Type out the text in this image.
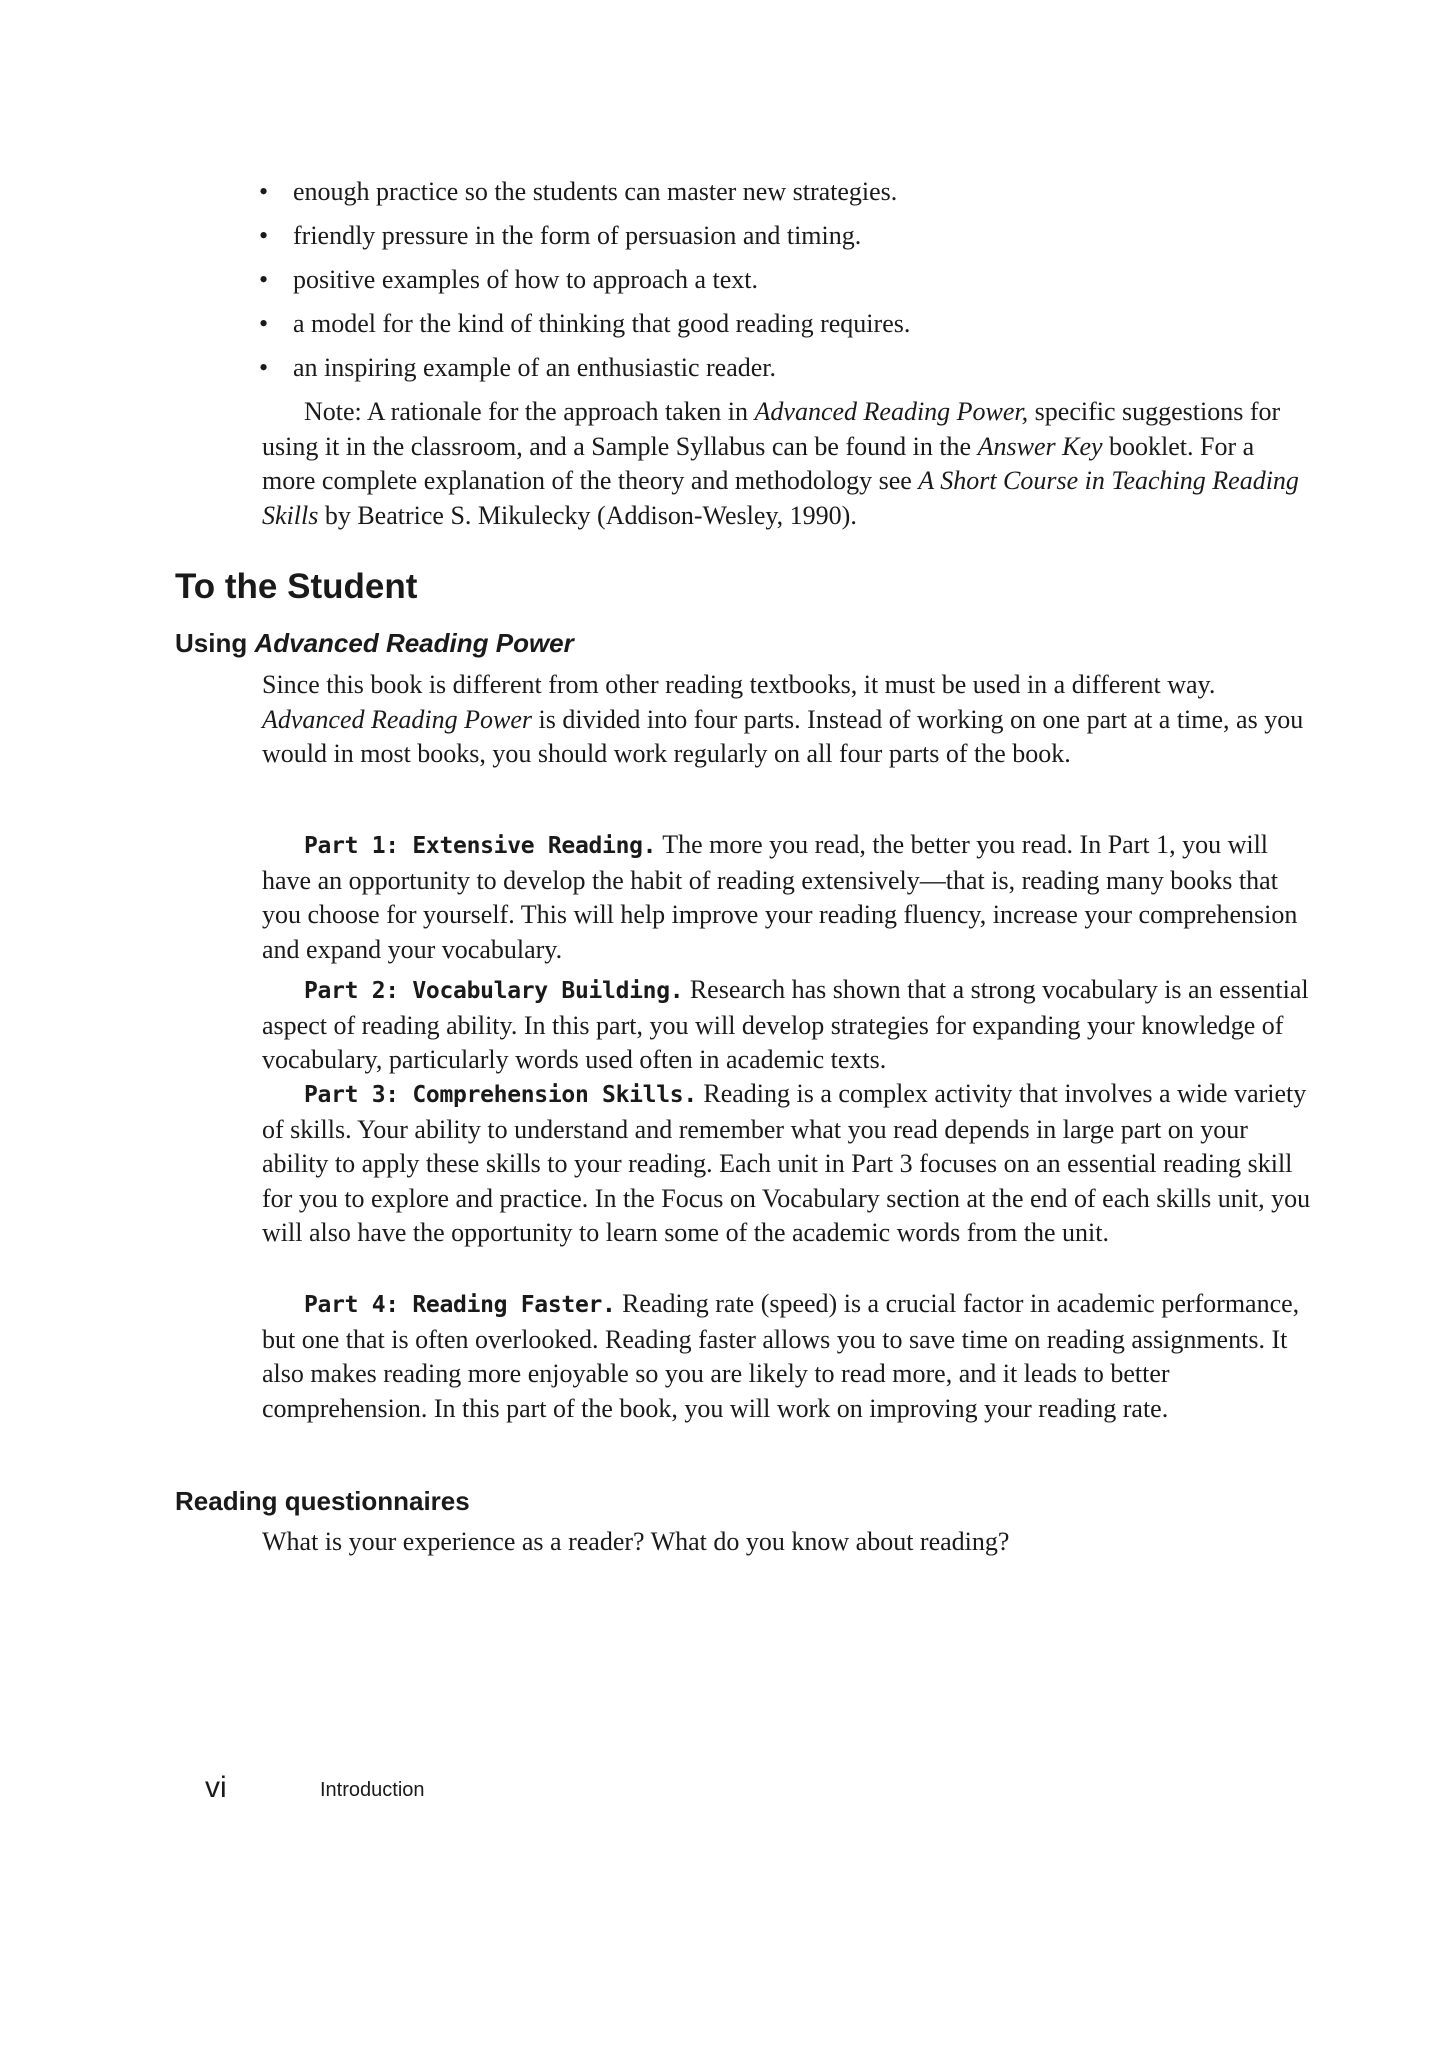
• enough practice so the students can master new strategies.
• friendly pressure in the form of persuasion and timing.
• positive examples of how to approach a text.
• a model for the kind of thinking that good reading requires.
• an inspiring example of an enthusiastic reader.

Note: A rationale for the approach taken in Advanced Reading Power, specific suggestions for using it in the classroom, and a Sample Syllabus can be found in the Answer Key booklet. For a more complete explanation of the theory and methodology see A Short Course in Teaching Reading Skills by Beatrice S. Mikulecky (Addison-Wesley, 1990).

To the Student
Using Advanced Reading Power

Since this book is different from other reading textbooks, it must be used in a different way. Advanced Reading Power is divided into four parts. Instead of working on one part at a time, as you would in most books, you should work regularly on all four parts of the book.

Part 1: Extensive Reading. The more you read, the better you read. In Part 1, you will have an opportunity to develop the habit of reading extensively—that is, reading many books that you choose for yourself. This will help improve your reading fluency, increase your comprehension and expand your vocabulary.

Part 2: Vocabulary Building. Research has shown that a strong vocabulary is an essential aspect of reading ability. In this part, you will develop strategies for expanding your knowledge of vocabulary, particularly words used often in academic texts.

Part 3: Comprehension Skills. Reading is a complex activity that involves a wide variety of skills. Your ability to understand and remember what you read depends in large part on your ability to apply these skills to your reading. Each unit in Part 3 focuses on an essential reading skill for you to explore and practice. In the Focus on Vocabulary section at the end of each skills unit, you will also have the opportunity to learn some of the academic words from the unit.

Part 4: Reading Faster. Reading rate (speed) is a crucial factor in academic performance, but one that is often overlooked. Reading faster allows you to save time on reading assignments. It also makes reading more enjoyable so you are likely to read more, and it leads to better comprehension. In this part of the book, you will work on improving your reading rate.

Reading questionnaires

What is your experience as a reader? What do you know about reading?

vi	Introduction
